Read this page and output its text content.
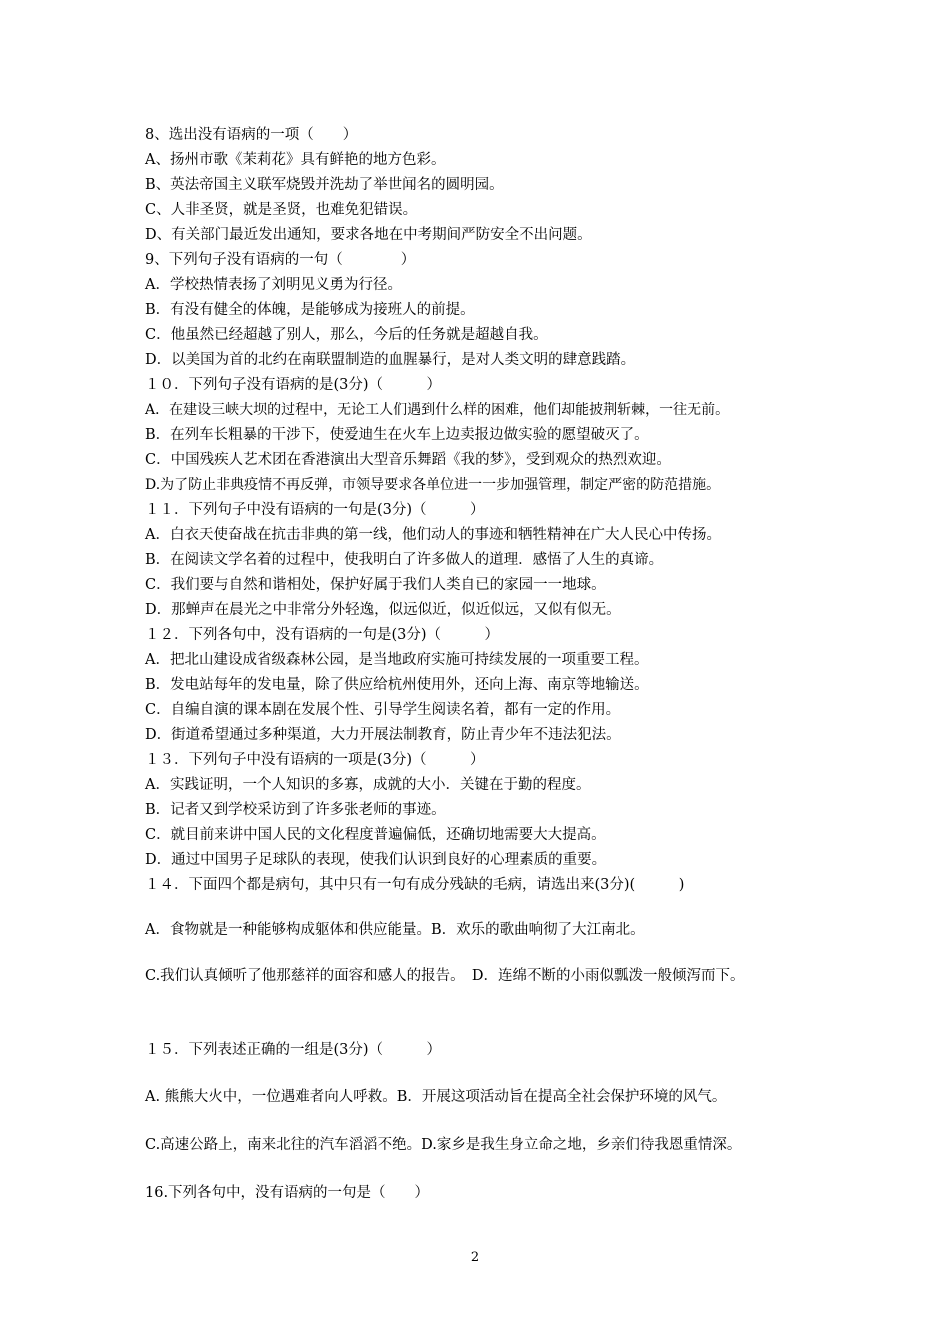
8、选出没有语病的一项（　　）
A、扬州市歌《茉莉花》具有鲜艳的地方色彩。
B、英法帝国主义联军烧毁并洗劫了举世闻名的圆明园。
C、人非圣贤，就是圣贤，也难免犯错误。
D、有关部门最近发出通知，要求各地在中考期间严防安全不出问题。
9、下列句子没有语病的一句（　　　　）
A．学校热情表扬了刘明见义勇为行径。
B．有没有健全的体魄，是能够成为接班人的前提。
C．他虽然已经超越了别人，那么，今后的任务就是超越自我。
D．以美国为首的北约在南联盟制造的血腥暴行，是对人类文明的肆意践踏。
１０．下列句子没有语病的是(3分)（　　　）
A．在建设三峡大坝的过程中，无论工人们遇到什么样的困难，他们却能披荆斩棘，一往无前。
B．在列车长粗暴的干涉下，使爱迪生在火车上边卖报边做实验的愿望破灭了。
C．中国残疾人艺术团在香港演出大型音乐舞蹈《我的梦》，受到观众的热烈欢迎。
D.为了防止非典疫情不再反弹，市领导要求各单位进一一步加强管理，制定严密的防范措施。
１１．下列句子中没有语病的一句是(3分)（　　　）
A．白衣天使奋战在抗击非典的第一线，他们动人的事迹和牺牲精神在广大人民心中传扬。
B．在阅读文学名着的过程中，使我明白了许多做人的道理．感悟了人生的真谛。
C．我们要与自然和谐相处，保护好属于我们人类自已的家园一一地球。
D．那蝉声在晨光之中非常分外轻逸，似远似近，似近似远，又似有似无。
１２．下列各句中，没有语病的一句是(3分)（　　　）
A．把北山建设成省级森林公园，是当地政府实施可持续发展的一项重要工程。
B．发电站每年的发电量，除了供应给杭州使用外，还向上海、南京等地输送。
C．自编自演的课本剧在发展个性、引导学生阅读名着，都有一定的作用。
D．街道希望通过多种渠道，大力开展法制教育，防止青少年不违法犯法。
１３．下列句子中没有语病的一项是(3分)（　　　）
A．实践证明，一个人知识的多寡，成就的大小．关键在于勤的程度。
B．记者又到学校采访到了许多张老师的事迹。
C．就目前来讲中国人民的文化程度普遍偏低，还确切地需要大大提高。
D．通过中国男子足球队的表现，使我们认识到良好的心理素质的重要。
１４．下面四个都是病句，其中只有一句有成分残缺的毛病，请选出来(3分)(　　　)
A．食物就是一种能够构成躯体和供应能量。B．欢乐的歌曲响彻了大江南北。
C.我们认真倾听了他那慈祥的面容和感人的报告。　D．连绵不断的小雨似瓢泼一般倾泻而下。
１５．下列表述正确的一组是(3分)（　　　）
A. 熊熊大火中，一位遇难者向人呼救。B．开展这项活动旨在提高全社会保护环境的风气。
C.高速公路上，南来北往的汽车滔滔不绝。D.家乡是我生身立命之地，乡亲们待我恩重情深。
16.下列各句中，没有语病的一句是（　　）
2
